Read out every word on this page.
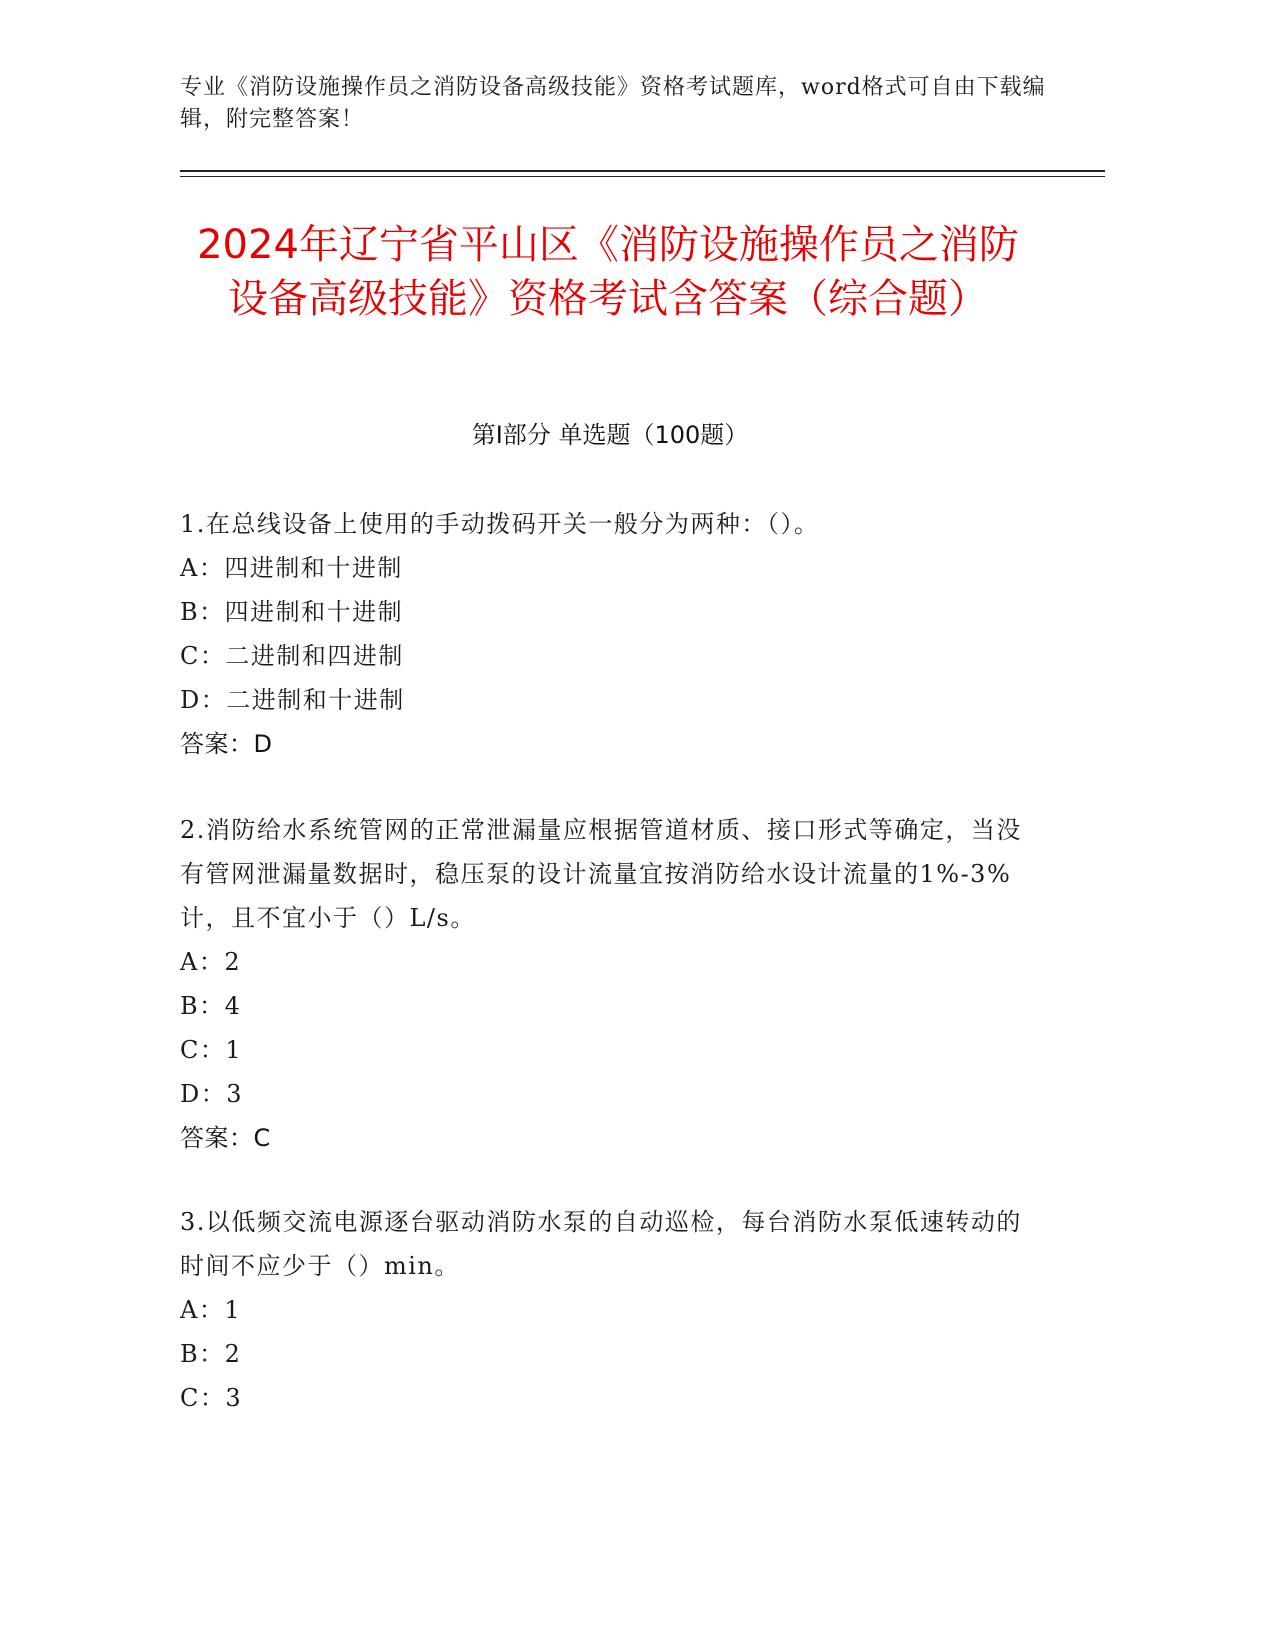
专业《消防设施操作员之消防设备高级技能》资格考试题库，word格式可自由下载编辑，附完整答案！
2024年辽宁省平山区《消防设施操作员之消防设备高级技能》资格考试含答案（综合题）
第Ⅰ部分 单选题（100题）

1.在总线设备上使用的手动拨码开关一般分为两种：（）。

A：四进制和十进制

B：四进制和十进制

C：二进制和四进制

D：二进制和十进制

答案：D

2.消防给水系统管网的正常泄漏量应根据管道材质、接口形式等确定，当没有管网泄漏量数据时，稳压泵的设计流量宜按消防给水设计流量的1%-3%计，且不宜小于（）L/s。

A：2

B：4

C：1

D：3

答案：C

3.以低频交流电源逐台驱动消防水泵的自动巡检，每台消防水泵低速转动的时间不应少于（）min。

A：1

B：2

C：3
